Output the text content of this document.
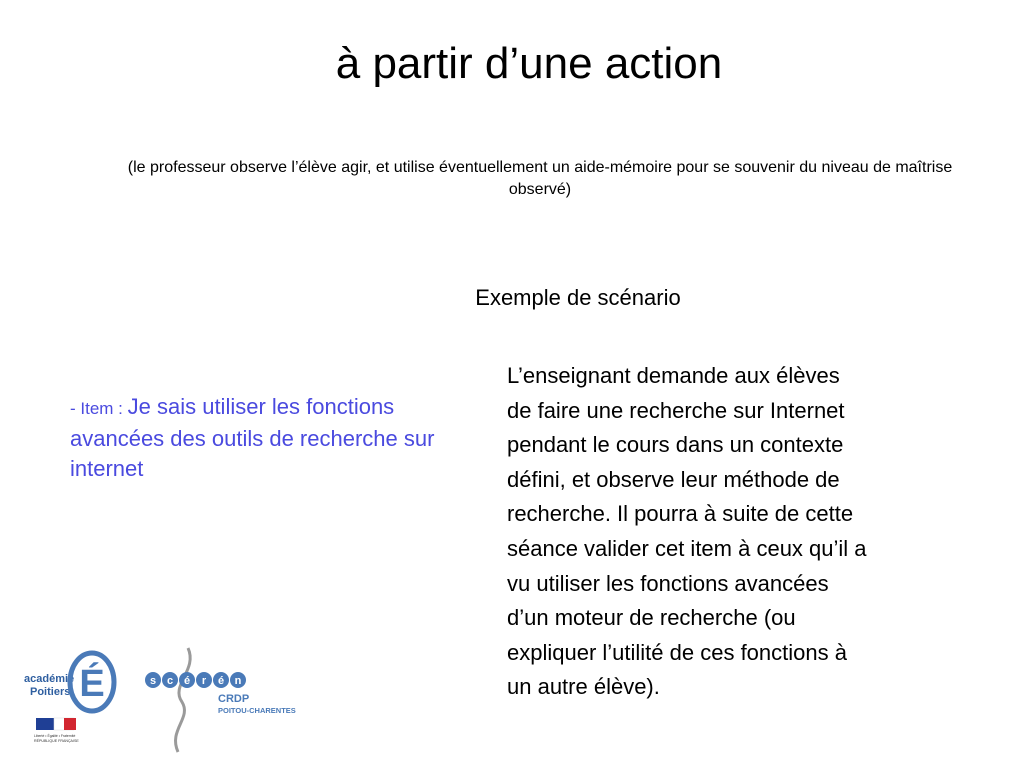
à partir d’une action
(le professeur observe l’élève agir, et utilise éventuellement un aide-mémoire pour se souvenir du niveau de maîtrise observé)
Exemple de scénario
- Item : Je sais utiliser les fonctions avancées des outils de recherche sur internet
L’enseignant demande aux élèves
de faire une recherche sur Internet
pendant le cours dans un contexte
défini, et observe leur méthode de
recherche. Il pourra à suite de cette
séance valider cet item à ceux qu’il a
vu utiliser les fonctions avancées
d’un moteur de recherche (ou
expliquer l’utilité de ces fonctions à
un autre élève).
académie
Poitiers É
Liberté • Égalité • Fraternité
RÉPUBLIQUE FRANÇAISE
s c é r é n
CRDP
POITOU-CHARENTES
